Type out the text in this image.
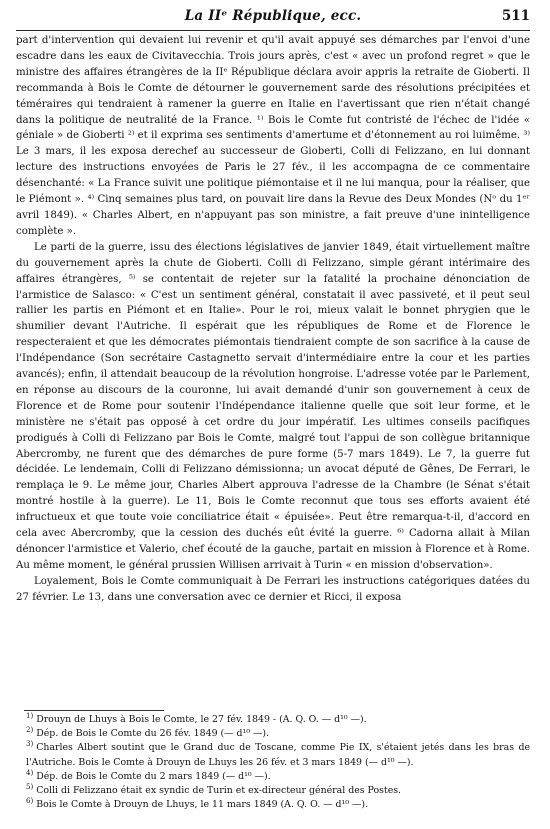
La IIᵉ République, ecc.	511

part d'intervention qui devaient lui revenir et qu'il avait appuyé ses démarches par l'envoi d'une escadre dans les eaux de Civitavecchia. Trois jours après, c'est « avec un profond regret » que le ministre des affaires étrangères de la IIᵉ République déclara avoir appris la retraite de Gioberti. Il recommanda à Bois le Comte de détourner le gouvernement sarde des résolutions précipitées et téméraires qui tendraient à ramener la guerre en Italie en l'avertissant que rien n'était changé dans la politique de neutralité de la France. ¹⁾ Bois le Comte fut contristé de l'échec de l'idée « géniale » de Gioberti ²⁾ et il exprima ses sentiments d'amertume et d'étonnement au roi luimême. ³⁾ Le 3 mars, il les exposa derechef au successeur de Gioberti, Colli di Felizzano, en lui donnant lecture des instructions envoyées de Paris le 27 fév., il les accompagna de ce commentaire désenchanté: « La France suivit une politique piémontaise et il ne lui manqua, pour la réaliser, que le Piémont ». ⁴⁾ Cinq semaines plus tard, on pouvait lire dans la Revue des Deux Mondes (Nᵒ du 1ᵉʳ avril 1849). « Charles Albert, en n'appuyant pas son ministre, a fait preuve d'une inintelligence complète ».

Le parti de la guerre, issu des élections législatives de janvier 1849, était virtuellement maître du gouvernement après la chute de Gioberti. Colli di Felizzano, simple gérant intérimaire des affaires étrangères, ⁵⁾ se contentait de rejeter sur la fatalité la prochaine dénonciation de l'armistice de Salasco: « C'est un sentiment général, constatait il avec passiveté, et il peut seul rallier les partis en Piémont et en Italie». Pour le roi, mieux valait le bonnet phrygien que le shumilier devant l'Autriche. Il espérait que les républiques de Rome et de Florence le respecteraient et que les démocrates piémontais tiendraient compte de son sacrifice à la cause de l'Indépendance (Son secrétaire Castagnetto servait d'intermédiaire entre la cour et les parties avancés); enfin, il attendait beaucoup de la révolution hongroise. L'adresse votée par le Parlement, en réponse au discours de la couronne, lui avait demandé d'unir son gouvernement à ceux de Florence et de Rome pour soutenir l'Indépendance italienne quelle que soit leur forme, et le ministère ne s'était pas opposé à cet ordre du jour impératif. Les ultimes conseils pacifiques prodigués à Colli di Felizzano par Bois le Comte, malgré tout l'appui de son collègue britannique Abercromby, ne furent que des démarches de pure forme (5-7 mars 1849). Le 7, la guerre fut décidée. Le lendemain, Colli di Felizzano démissionna; un avocat député de Gênes, De Ferrari, le remplaça le 9. Le même jour, Charles Albert approuva l'adresse de la Chambre (le Sénat s'était montré hostile à la guerre). Le 11, Bois le Comte reconnut que tous ses efforts avaient été infructueux et que toute voie conciliatrice était « épuisée». Peut être remarqua-t-il, d'accord en cela avec Abercromby, que la cession des duchés eût évité la guerre. ⁶⁾ Cadorna allait à Milan dénoncer l'armistice et Valerio, chef écouté de la gauche, partait en mission à Florence et à Rome. Au même moment, le général prussien Willisen arrivait à Turin « en mission d'observation».

Loyalement, Bois le Comte communiquait à De Ferrari les instructions catégoriques datées du 27 février. Le 13, dans une conversation avec ce dernier et Ricci, il exposa

$^{1)}$ Drouyn de Lhuys à Bois le Comte, le 27 fév. 1849 - (A. Q. O. — d¹⁰ —).

$^{2)}$ Dép. de Bois le Comte du 26 fév. 1849 (— d¹⁰ —).

$^{3)}$ Charles Albert soutint que le Grand duc de Toscane, comme Pie IX, s'étaient jetés dans les bras de l'Autriche. Bois le Comte à Drouyn de Lhuys les 26 fév. et 3 mars 1849 (— d¹⁰ —).

$^{4)}$ Dép. de Bois le Comte du 2 mars 1849 (— d¹⁰ —).

$^{5)}$ Colli di Felizzano était ex syndic de Turin et ex-directeur général des Postes.

$^{6)}$ Bois le Comte à Drouyn de Lhuys, le 11 mars 1849 (A. Q. O. — d¹⁰ —).
